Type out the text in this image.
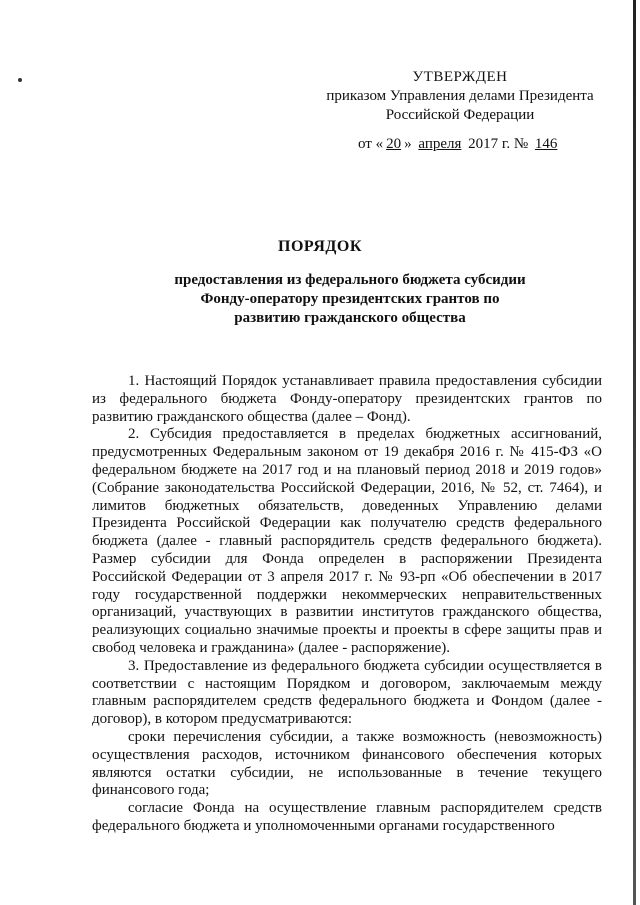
УТВЕРЖДЕН
приказом Управления делами Президента
Российской Федерации
от « 20 » апреля 2017 г. № 146
ПОРЯДОК
предоставления из федерального бюджета субсидии
Фонду-оператору президентских грантов по
развитию гражданского общества

1. Настоящий Порядок устанавливает правила предоставления субсидии из федерального бюджета Фонду-оператору президентских грантов по развитию гражданского общества (далее – Фонд).

2. Субсидия предоставляется в пределах бюджетных ассигнований, предусмотренных Федеральным законом от 19 декабря 2016 г. № 415-ФЗ «О федеральном бюджете на 2017 год и на плановый период 2018 и 2019 годов» (Собрание законодательства Российской Федерации, 2016, № 52, ст. 7464), и лимитов бюджетных обязательств, доведенных Управлению делами Президента Российской Федерации как получателю средств федерального бюджета (далее - главный распорядитель средств федерального бюджета). Размер субсидии для Фонда определен в распоряжении Президента Российской Федерации от 3 апреля 2017 г. № 93-рп «Об обеспечении в 2017 году государственной поддержки некоммерческих неправительственных организаций, участвующих в развитии институтов гражданского общества, реализующих социально значимые проекты и проекты в сфере защиты прав и свобод человека и гражданина» (далее - распоряжение).

3. Предоставление из федерального бюджета субсидии осуществляется в соответствии с настоящим Порядком и договором, заключаемым между главным распорядителем средств федерального бюджета и Фондом (далее - договор), в котором предусматриваются:

сроки перечисления субсидии, а также возможность (невозможность) осуществления расходов, источником финансового обеспечения которых являются остатки субсидии, не использованные в течение текущего финансового года;

согласие Фонда на осуществление главным распорядителем средств федерального бюджета и уполномоченными органами государственного
